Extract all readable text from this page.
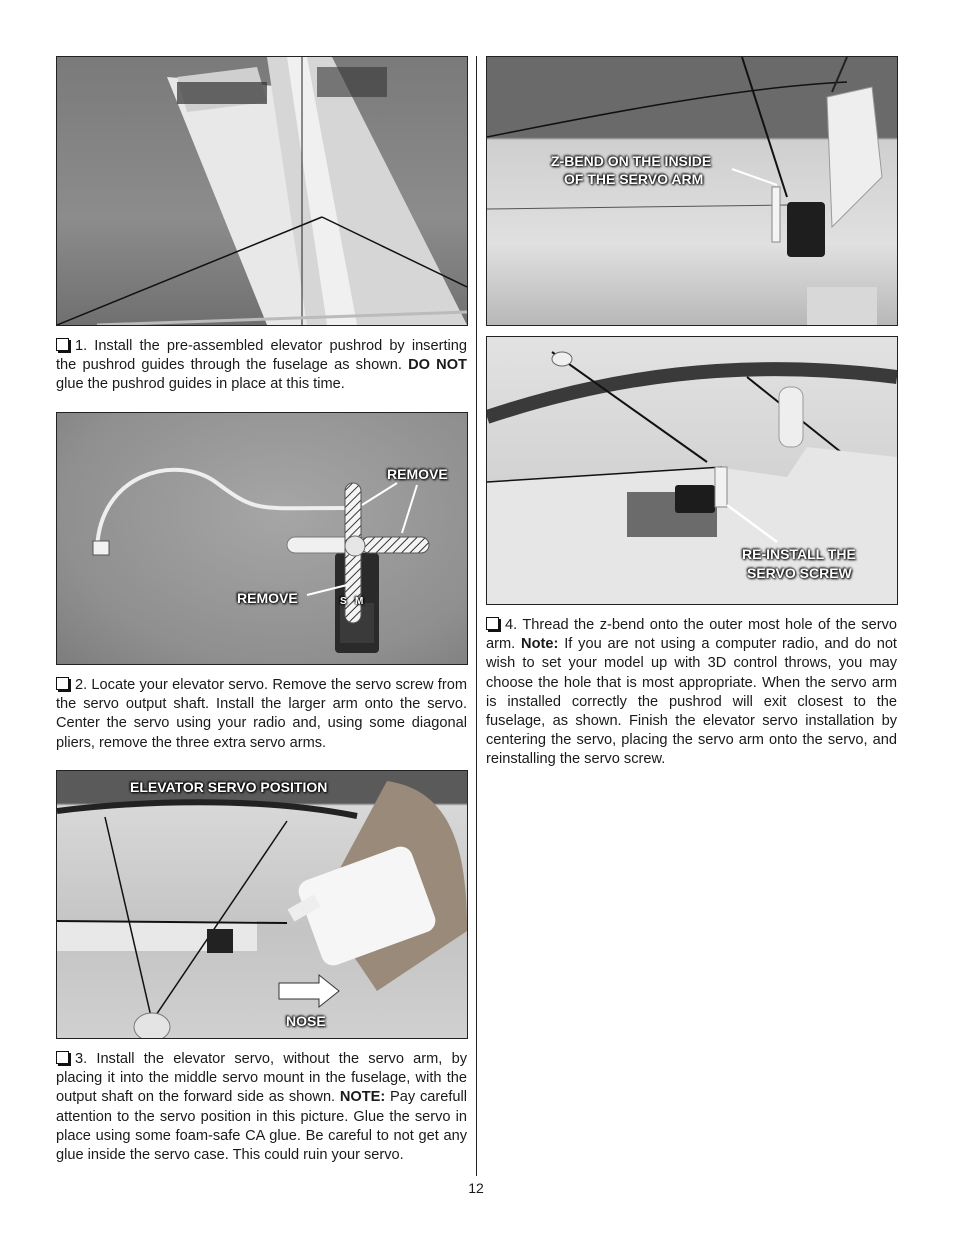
1. Install the pre-assembled elevator pushrod by inserting the pushrod guides through the fuselage as shown. DO NOT glue the pushrod guides in place at this time.
REMOVE
REMOVE	S   M
2. Locate your elevator servo. Remove the servo screw from the servo output shaft. Install the larger arm onto the servo. Center the servo using your radio and, using some diagonal pliers, remove the three extra servo arms.
ELEVATOR SERVO POSITION
NOSE
3. Install the elevator servo, without the servo arm, by placing it into the middle servo mount in the fuselage, with the output shaft on the forward side as shown. NOTE: Pay carefull attention to the servo position in this picture. Glue the servo in place using some foam-safe CA glue. Be careful to not get any glue inside the servo case. This could ruin your servo.
Z-BEND ON THE INSIDE
OF THE SERVO ARM
RE-INSTALL THE
SERVO SCREW
4. Thread the z-bend onto the outer most hole of the servo arm. Note: If you are not using a computer radio, and do not wish to set your model up with 3D control throws, you may choose the hole that is most appropriate. When the servo arm is installed correctly the pushrod will exit closest to the fuselage, as shown. Finish the elevator servo installation by centering the servo, placing the servo arm onto the servo, and reinstalling the servo screw.
12
